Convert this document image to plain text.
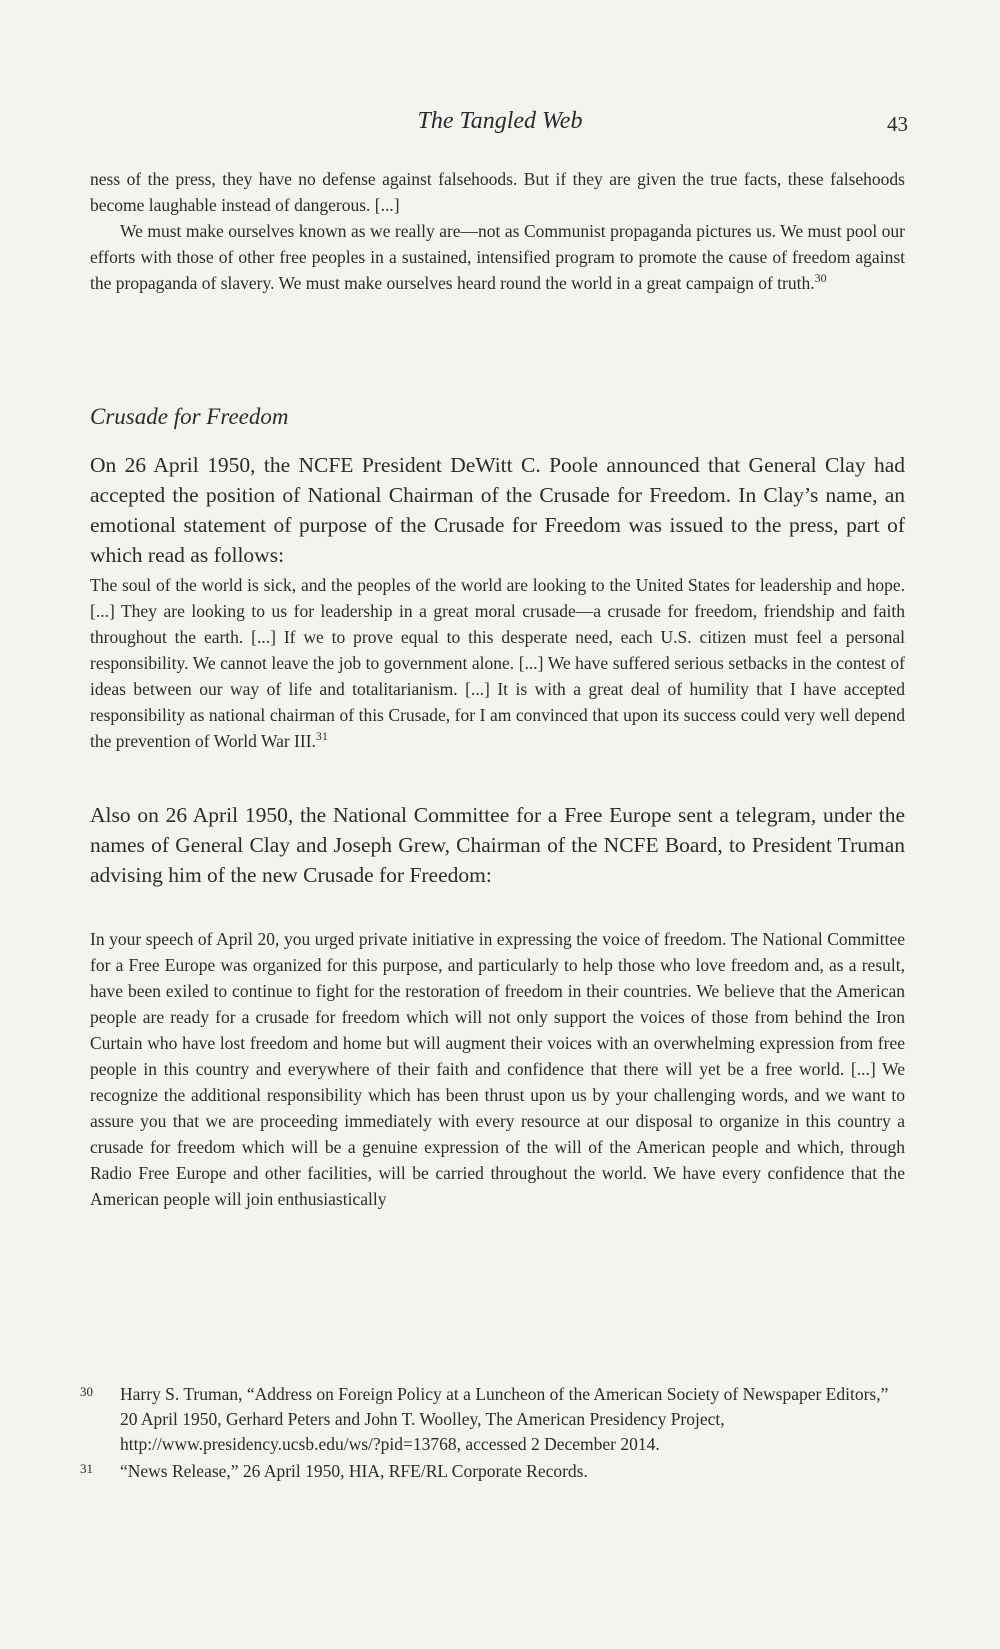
The Tangled Web	43

ness of the press, they have no defense against falsehoods. But if they are given the true facts, these falsehoods become laughable instead of dangerous. [...]

We must make ourselves known as we really are—not as Communist propaganda pictures us. We must pool our efforts with those of other free peoples in a sustained, intensified program to promote the cause of freedom against the propaganda of slavery. We must make ourselves heard round the world in a great campaign of truth.$^{30}$

Crusade for Freedom

On 26 April 1950, the NCFE President DeWitt C. Poole announced that General Clay had accepted the position of National Chairman of the Crusade for Freedom. In Clay’s name, an emotional statement of purpose of the Crusade for Freedom was issued to the press, part of which read as follows:

The soul of the world is sick, and the peoples of the world are looking to the United States for leadership and hope. [...] They are looking to us for leadership in a great moral crusade—a crusade for freedom, friendship and faith throughout the earth. [...] If we to prove equal to this desperate need, each U.S. citizen must feel a personal responsibility. We cannot leave the job to government alone. [...] We have suffered serious setbacks in the contest of ideas between our way of life and totalitarianism. [...] It is with a great deal of humility that I have accepted responsibility as national chairman of this Crusade, for I am convinced that upon its success could very well depend the prevention of World War III.$^{31}$

Also on 26 April 1950, the National Committee for a Free Europe sent a telegram, under the names of General Clay and Joseph Grew, Chairman of the NCFE Board, to President Truman advising him of the new Crusade for Freedom:

In your speech of April 20, you urged private initiative in expressing the voice of freedom. The National Committee for a Free Europe was organized for this purpose, and particularly to help those who love freedom and, as a result, have been exiled to continue to fight for the restoration of freedom in their countries. We believe that the American people are ready for a crusade for freedom which will not only support the voices of those from behind the Iron Curtain who have lost freedom and home but will augment their voices with an overwhelming expression from free people in this country and everywhere of their faith and confidence that there will yet be a free world. [...] We recognize the additional responsibility which has been thrust upon us by your challenging words, and we want to assure you that we are proceeding immediately with every resource at our disposal to organize in this country a crusade for freedom which will be a genuine expression of the will of the American people and which, through Radio Free Europe and other facilities, will be carried throughout the world. We have every confidence that the American people will join enthusiastically

30 Harry S. Truman, “Address on Foreign Policy at a Luncheon of the American Society of Newspaper Editors,” 20 April 1950, Gerhard Peters and John T. Woolley, The American Presidency Project, http://www.presidency.ucsb.edu/ws/?pid=13768, accessed 2 December 2014.
31 “News Release,” 26 April 1950, HIA, RFE/RL Corporate Records.
